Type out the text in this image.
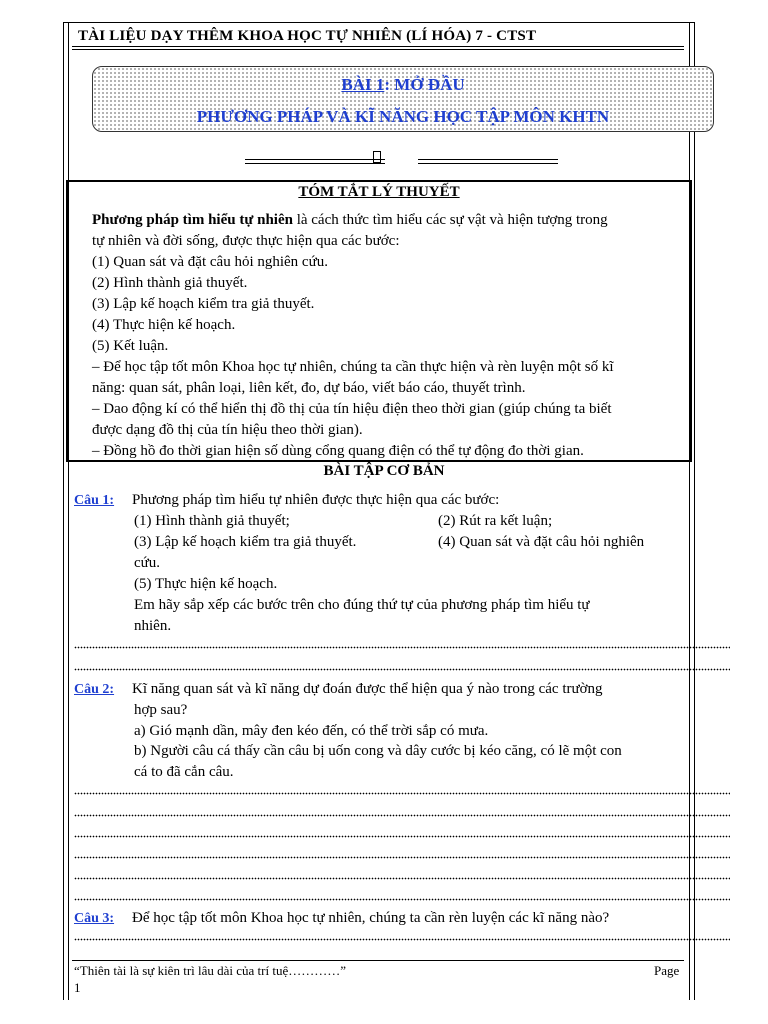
TÀI LIỆU DẠY THÊM KHOA HỌC TỰ NHIÊN (LÍ HÓA) 7 - CTST
BÀI 1: MỞ ĐẦU
PHƯƠNG PHÁP VÀ KĨ NĂNG HỌC TẬP MÔN KHTN
TÓM TẮT LÝ THUYẾT
Phương pháp tìm hiểu tự nhiên là cách thức tìm hiểu các sự vật và hiện tượng trong
tự nhiên và đời sống, được thực hiện qua các bước:
(1) Quan sát và đặt câu hỏi nghiên cứu.
(2) Hình thành giả thuyết.
(3) Lập kế hoạch kiểm tra giả thuyết.
(4) Thực hiện kế hoạch.
(5) Kết luận.
– Để học tập tốt môn Khoa học tự nhiên, chúng ta cần thực hiện và rèn luyện một số kĩ
năng: quan sát, phân loại, liên kết, đo, dự báo, viết báo cáo, thuyết trình.
– Dao động kí có thể hiển thị đồ thị của tín hiệu điện theo thời gian (giúp chúng ta biết
được dạng đồ thị của tín hiệu theo thời gian).
– Đồng hồ đo thời gian hiện số dùng cổng quang điện có thể tự động đo thời gian.
BÀI TẬP CƠ BẢN
Câu 1: Phương pháp tìm hiểu tự nhiên được thực hiện qua các bước:
(1) Hình thành giả thuyết;	(2) Rút ra kết luận;
(3) Lập kế hoạch kiểm tra giả thuyết.	(4) Quan sát và đặt câu hỏi nghiên
cứu.
(5) Thực hiện kế hoạch.
Em hãy sắp xếp các bước trên cho đúng thứ tự của phương pháp tìm hiểu tự
nhiên.
Câu 2: Kĩ năng quan sát và kĩ năng dự đoán được thể hiện qua ý nào trong các trường
hợp sau?
a) Gió mạnh dần, mây đen kéo đến, có thể trời sắp có mưa.
b) Người câu cá thấy cần câu bị uốn cong và dây cước bị kéo căng, có lẽ một con
cá to đã cắn câu.
Câu 3: Để học tập tốt môn Khoa học tự nhiên, chúng ta cần rèn luyện các kĩ năng nào?
“Thiên tài là sự kiên trì lâu dài của trí tuệ…………”	Page
1
